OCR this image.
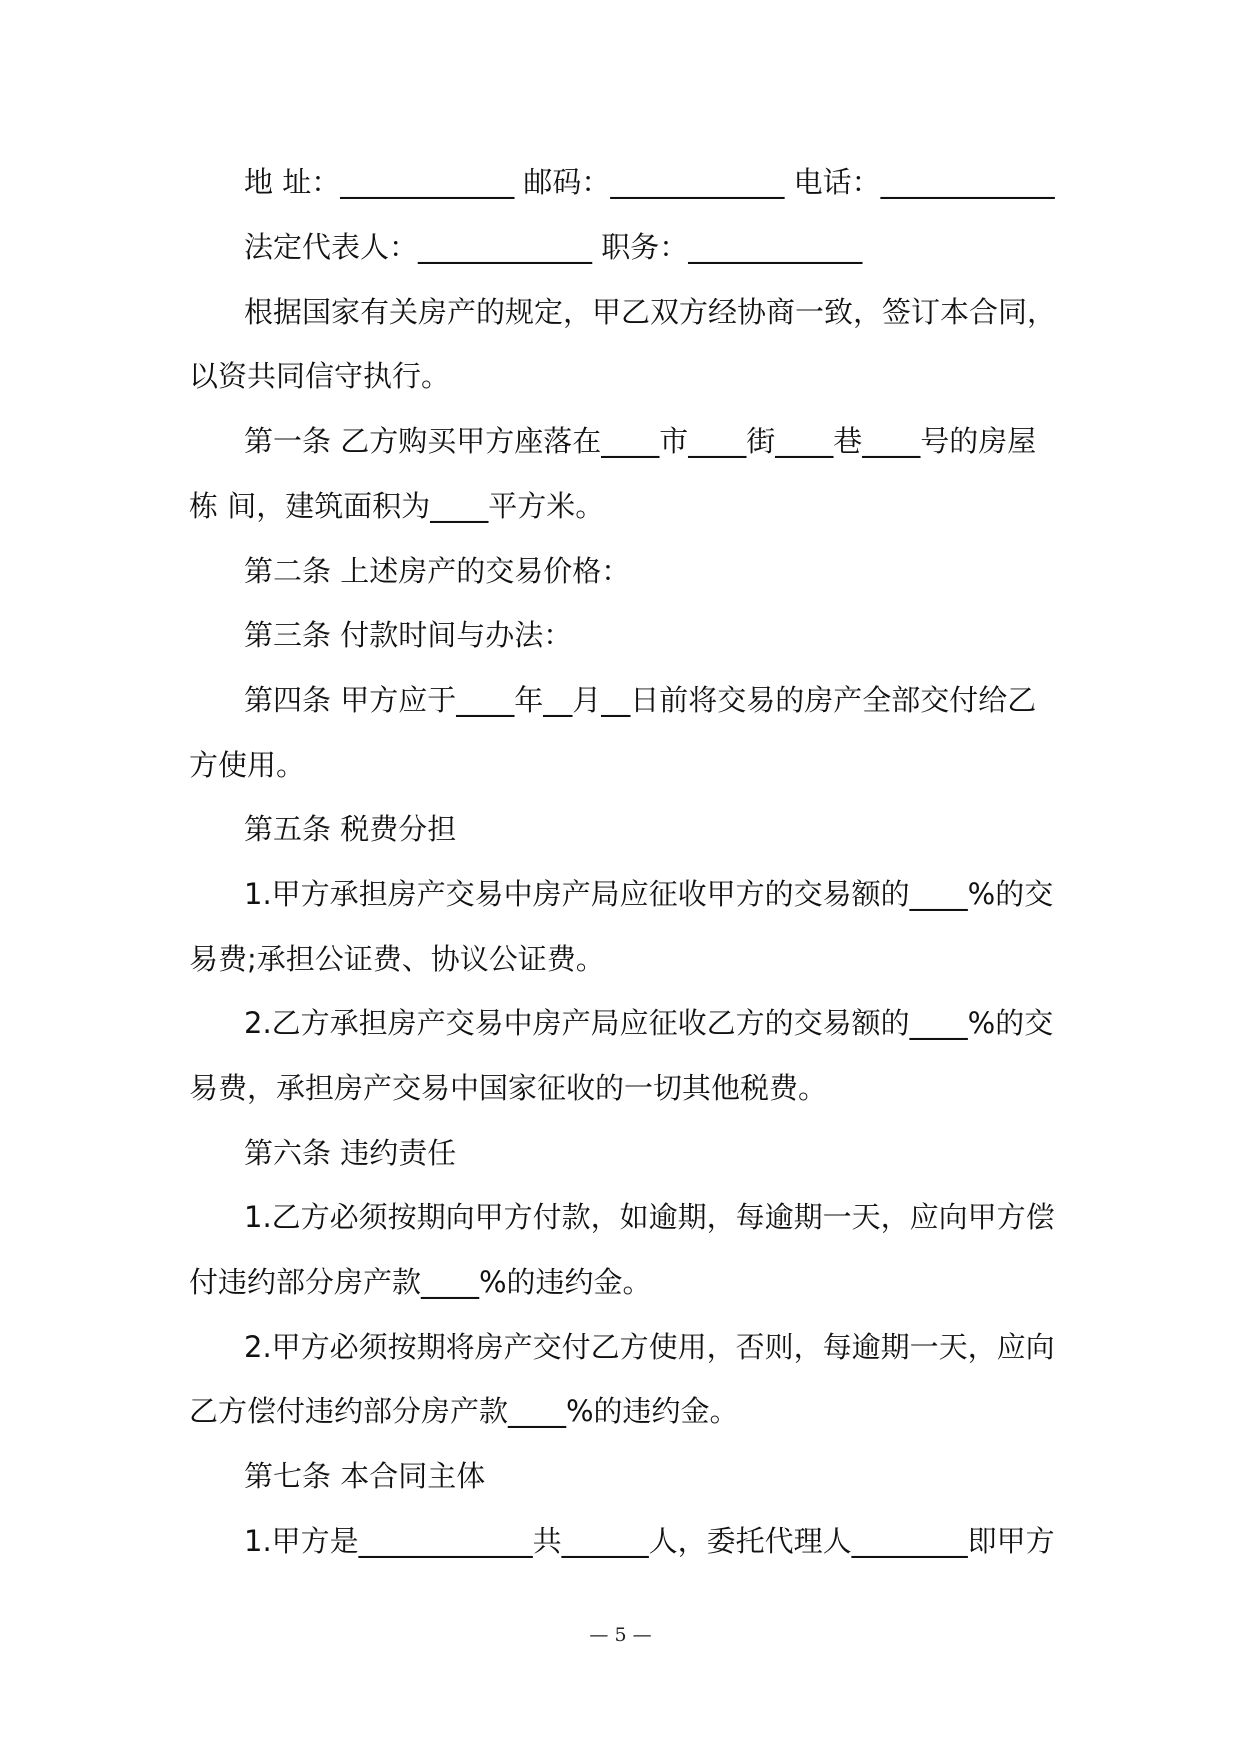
地 址：____________ 邮码：____________ 电话：____________
法定代表人：____________ 职务：____________
根据国家有关房产的规定，甲乙双方经协商一致，签订本合同，
以资共同信守执行。
第一条 乙方购买甲方座落在____市____街____巷____号的房屋
栋 间，建筑面积为____平方米。
第二条 上述房产的交易价格：
第三条 付款时间与办法：
第四条 甲方应于____年__月__日前将交易的房产全部交付给乙
方使用。
第五条 税费分担
1.甲方承担房产交易中房产局应征收甲方的交易额的____%的交
易费;承担公证费、协议公证费。
2.乙方承担房产交易中房产局应征收乙方的交易额的____%的交
易费，承担房产交易中国家征收的一切其他税费。
第六条 违约责任
1.乙方必须按期向甲方付款，如逾期，每逾期一天，应向甲方偿
付违约部分房产款____%的违约金。
2.甲方必须按期将房产交付乙方使用，否则，每逾期一天，应向
乙方偿付违约部分房产款____%的违约金。
第七条 本合同主体
1.甲方是____________共______人，委托代理人________即甲方
— 5 —
